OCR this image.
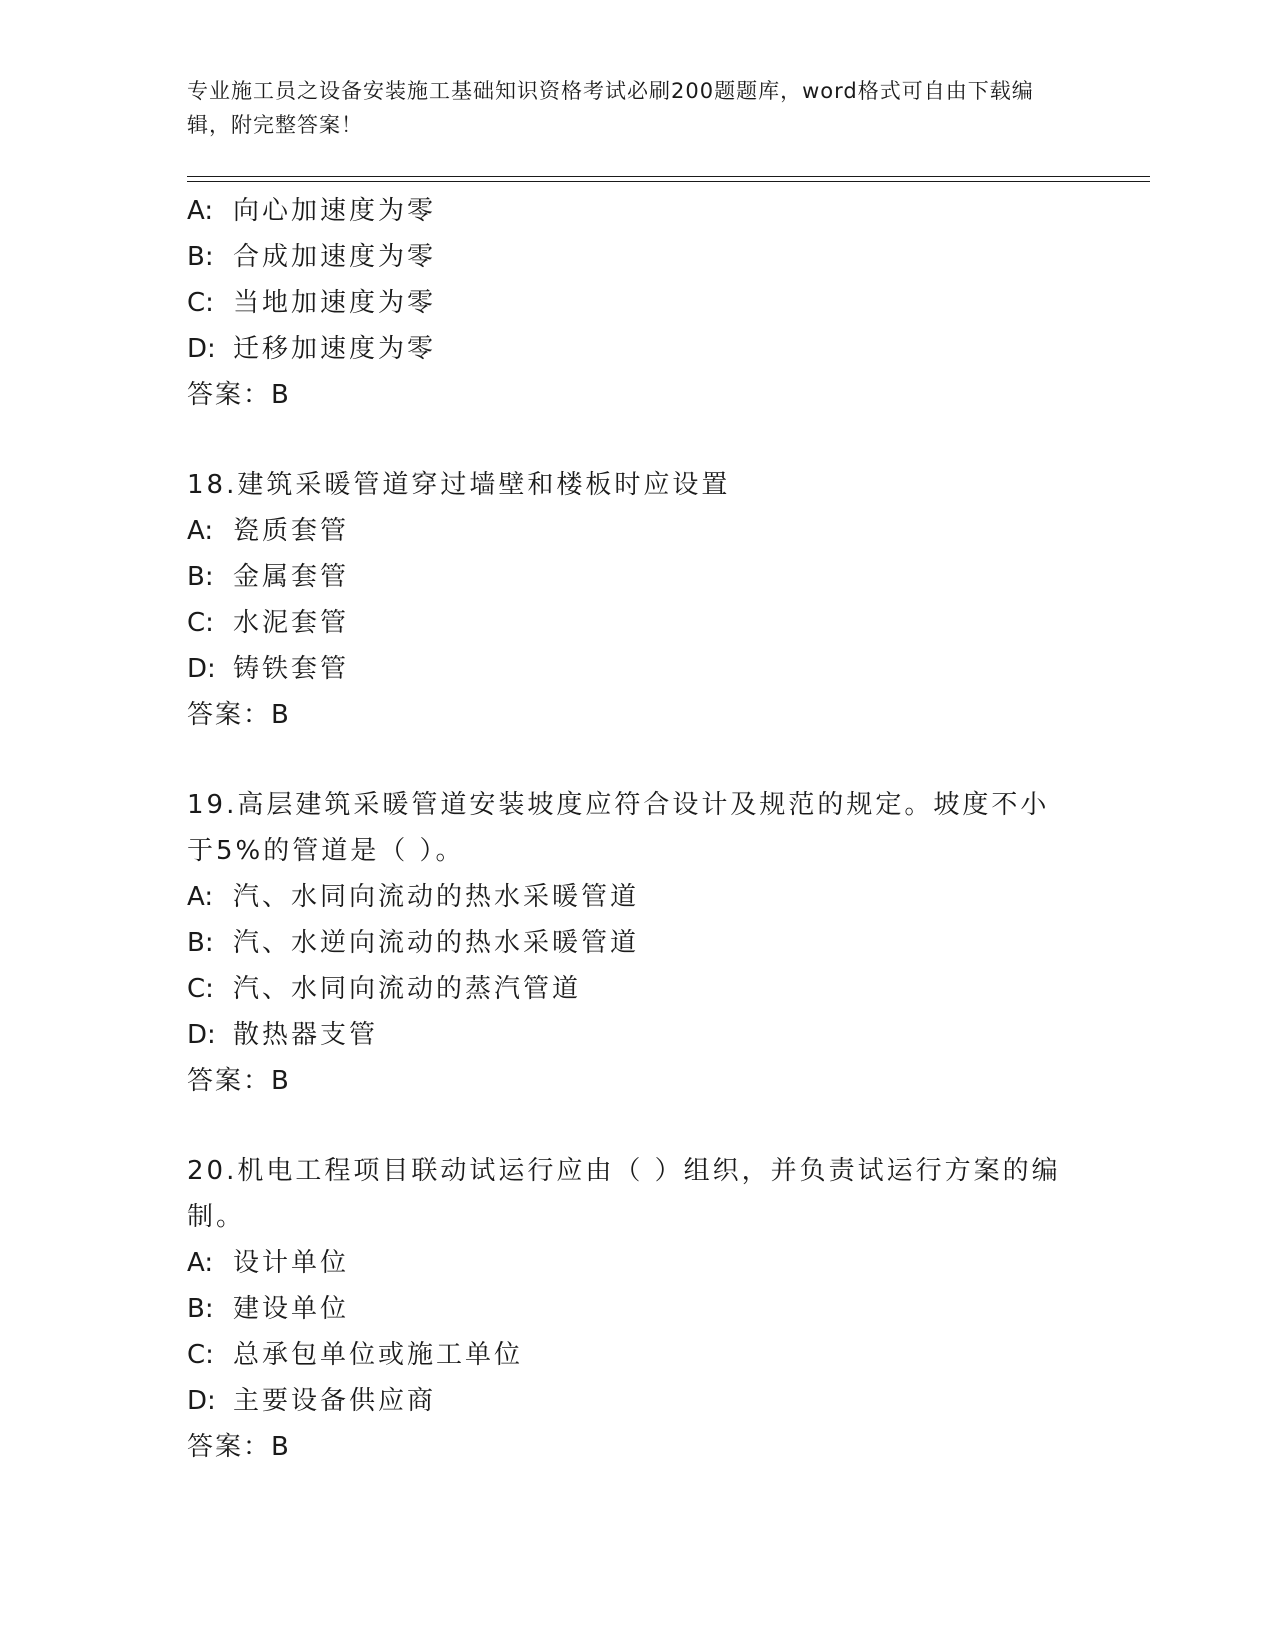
专业施工员之设备安装施工基础知识资格考试必刷200题题库，word格式可自由下载编辑，附完整答案！

A: 向心加速度为零

B: 合成加速度为零

C: 当地加速度为零

D: 迁移加速度为零

答案：B

18.建筑采暖管道穿过墙壁和楼板时应设置

A: 瓷质套管

B: 金属套管

C: 水泥套管

D: 铸铁套管

答案：B

19.高层建筑采暖管道安装坡度应符合设计及规范的规定。坡度不小于5%的管道是（ ）。

A: 汽、水同向流动的热水采暖管道

B: 汽、水逆向流动的热水采暖管道

C: 汽、水同向流动的蒸汽管道

D: 散热器支管

答案：B

20.机电工程项目联动试运行应由（ ）组织，并负责试运行方案的编制。

A: 设计单位

B: 建设单位

C: 总承包单位或施工单位

D: 主要设备供应商

答案：B
